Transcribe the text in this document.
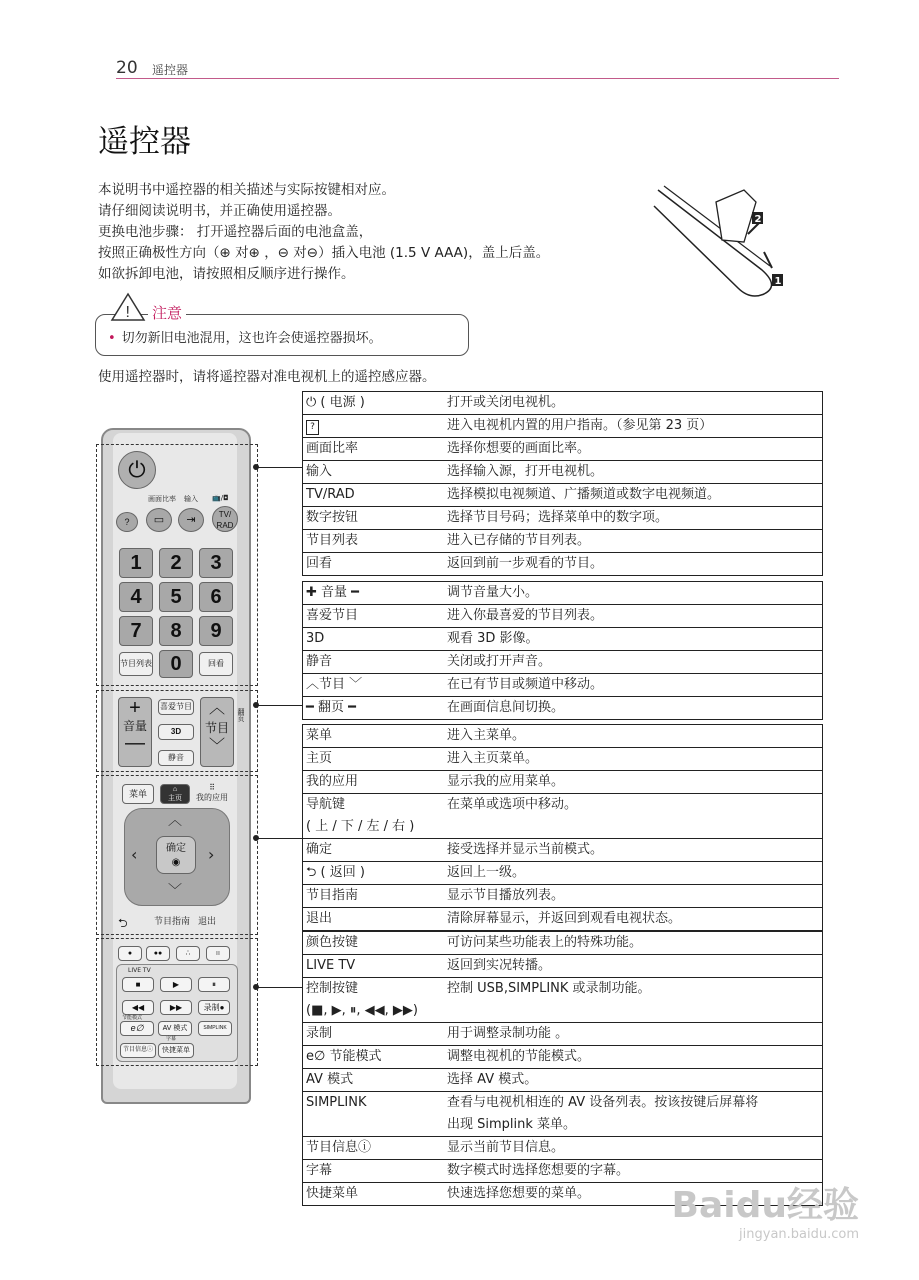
20 遥控器
遥控器
本说明书中遥控器的相关描述与实际按键相对应。
请仔细阅读说明书，并正确使用遥控器。
更换电池步骤： 打开遥控器后面的电池盒盖，
按照正确极性方向（⊕ 对⊕ ，⊖ 对⊖）插入电池 (1.5 V AAA)，盖上后盖。
如欲拆卸电池，请按照相反顺序进行操作。
2
1
! 注意
• 切勿新旧电池混用，这也许会使遥控器损坏。
使用遥控器时，请将遥控器对准电视机上的遥控感应器。
⏻ ( 电源 )	打开或关闭电视机。
?	进入电视机内置的用户指南。（参见第 23 页）
画面比率	选择你想要的画面比率。
输入	选择输入源，打开电视机。
TV/RAD	选择模拟电视频道、广播频道或数字电视频道。
数字按钮	选择节目号码；选择菜单中的数字项。
节目列表	进入已存储的节目列表。
回看	返回到前一步观看的节目。
✚ 音量 ━	调节音量大小。
喜爱节目	进入你最喜爱的节目列表。
3D	观看 3D 影像。
静音	关闭或打开声音。
︿节目 ﹀	在已有节目或频道中移动。
━ 翻页 ━	在画面信息间切换。
菜单	进入主菜单。
主页	进入主页菜单。
我的应用	显示我的应用菜单。

导航键
( 上 / 下 / 左 / 右 )	在菜单或选项中移动。
确定	接受选择并显示当前模式。
⮌ ( 返回 )	返回上一级。
节目指南	显示节目播放列表。
退出	清除屏幕显示，并返回到观看电视状态。
颜色按键	可访问某些功能表上的特殊功能。
LIVE TV	返回到实况转播。

控制按键
(■, ▶, ⏸, ◀◀, ▶▶)	控制 USB,SIMPLINK 或录制功能。
录制	用于调整录制功能 。
e∅ 节能模式	调整电视机的节能模式。
AV 模式	选择 AV 模式。
SIMPLINK	查看与电视机相连的 AV 设备列表。按该按键后屏幕将
出现 Simplink 菜单。

节目信息ⓘ	显示当前节目信息。
字幕	数字模式时选择您想要的字幕。
快捷菜单	快速选择您想要的菜单。
⏻
画面比率 输入 📺/◘
?	▭	⇥	TV/ RAD
1	2	3
4	5	6
7	8	9
节目列表 0	回看
+
音量
—
喜爱节目
3D
静音
︿
节目
﹀
翻页
菜单	⌂
主页
⠿
我的应用
︿
﹀
‹	›
确定
◉
⮌	节目指南 退出
●	●●	∴	⠶
LIVE TV
■	▶	⏸
◀◀	▶▶	录制●
节能模式
e∅	AV 模式	SIMPLINK
字幕
节目信息ⓘ	快捷菜单
Baidu经验
jingyan.baidu.com
